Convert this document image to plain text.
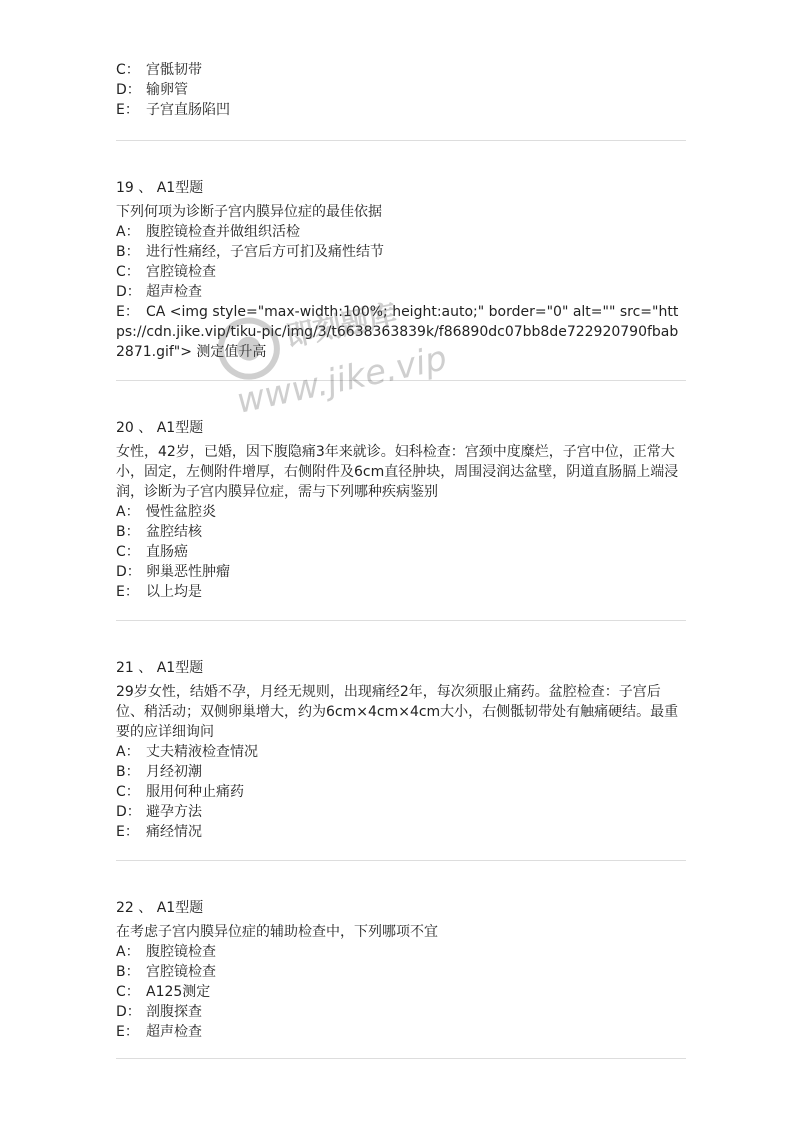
C： 宫骶韧带
D： 输卵管
E： 子宫直肠陷凹
19 、 A1型题
下列何项为诊断子宫内膜异位症的最佳依据
A： 腹腔镜检查并做组织活检
B： 进行性痛经，子宫后方可扪及痛性结节
C： 宫腔镜检查
D： 超声检查
E： CA <img style="max-width:100%; height:auto;" border="0" alt="" src="https://cdn.jike.vip/tiku-pic/img/3/t6638363839k/f86890dc07bb8de722920790fbab2871.gif"> 测定值升高
20 、 A1型题
女性，42岁，已婚，因下腹隐痛3年来就诊。妇科检查：宫颈中度糜烂，子宫中位，正常大小，固定，左侧附件增厚，右侧附件及6cm直径肿块，周围浸润达盆壁，阴道直肠膈上端浸润，诊断为子宫内膜异位症，需与下列哪种疾病鉴别
A： 慢性盆腔炎
B： 盆腔结核
C： 直肠癌
D： 卵巢恶性肿瘤
E： 以上均是
21 、 A1型题
29岁女性，结婚不孕，月经无规则，出现痛经2年，每次须服止痛药。盆腔检查：子宫后位、稍活动；双侧卵巢增大，约为6cm×4cm×4cm大小，右侧骶韧带处有触痛硬结。最重要的应详细询问
A： 丈夫精液检查情况
B： 月经初潮
C： 服用何种止痛药
D： 避孕方法
E： 痛经情况
22 、 A1型题
在考虑子宫内膜异位症的辅助检查中，下列哪项不宜
A： 腹腔镜检查
B： 宫腔镜检查
C： A125测定
D： 剖腹探查
E： 超声检查
即刻题库
www.jike.vip
